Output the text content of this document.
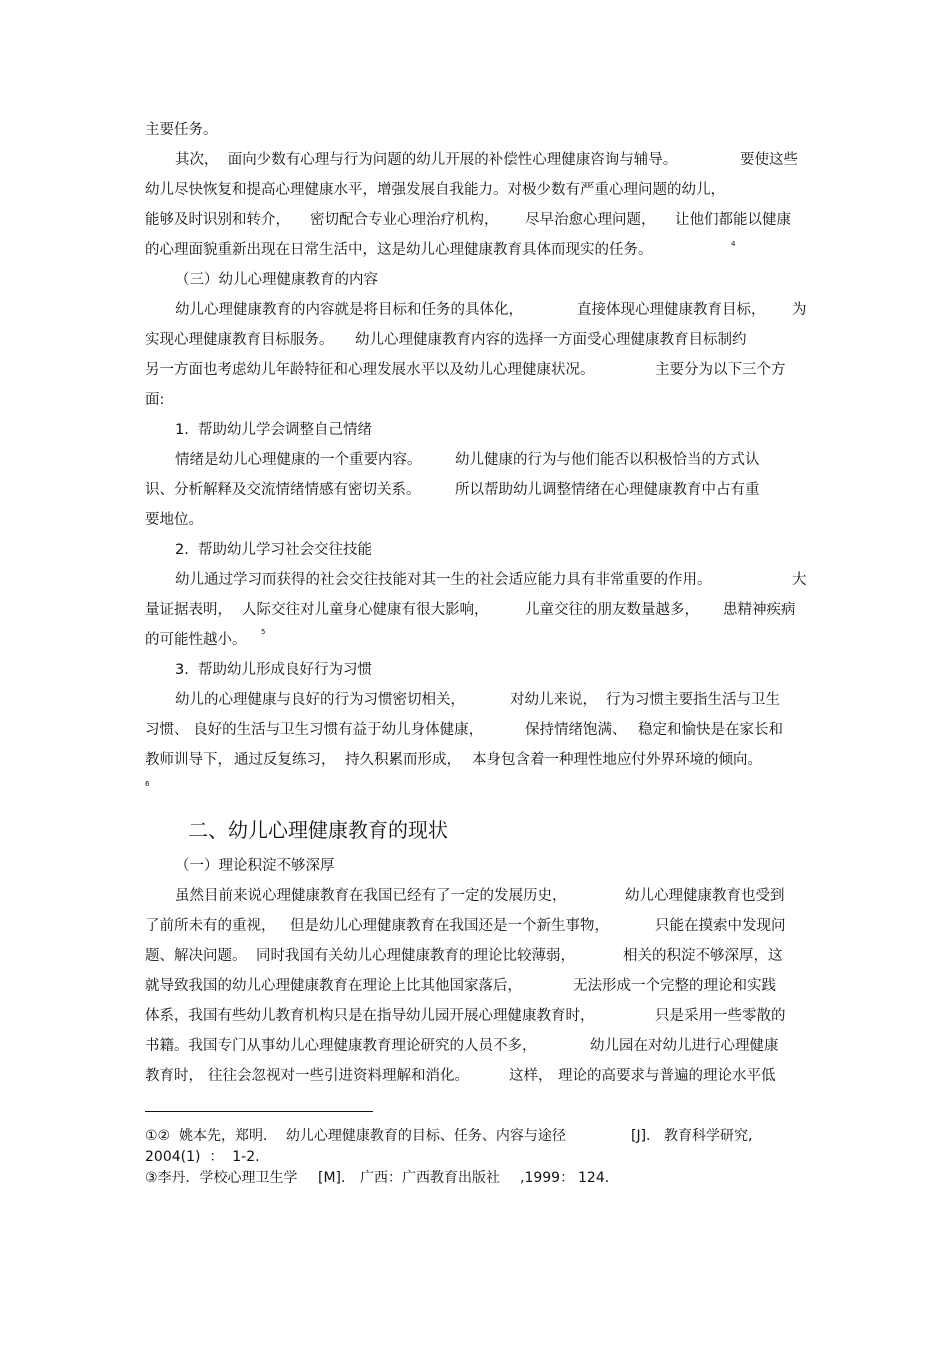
主要任务。
其次，  面向少数有心理与行为问题的幼儿开展的补偿性心理健康咨询与辅导。	要使这些
幼儿尽快恢复和提高心理健康水平，增强发展自我能力。对极少数有严重心理问题的幼儿，
能够及时识别和转介， 密切配合专业心理治疗机构， 尽早治愈心理问题， 让他们都能以健康
的心理面貌重新出现在日常生活中，这是幼儿心理健康教育具体而现实的任务。
（三）幼儿心理健康教育的内容
幼儿心理健康教育的内容就是将目标和任务的具体化，	直接体现心理健康教育目标， 为
实现心理健康教育目标服务。 幼儿心理健康教育内容的选择一方面受心理健康教育目标制约
另一方面也考虑幼儿年龄特征和心理发展水平以及幼儿心理健康状况。	主要分为以下三个方
面:
1.  帮助幼儿学会调整自己情绪
情绪是幼儿心理健康的一个重要内容。 幼儿健康的行为与他们能否以积极恰当的方式认
识、分析解释及交流情绪情感有密切关系。 所以帮助幼儿调整情绪在心理健康教育中占有重
要地位。
2.  帮助幼儿学习社会交往技能
幼儿通过学习而获得的社会交往技能对其一生的社会适应能力具有非常重要的作用。	大
量证据表明， 人际交往对儿童身心健康有很大影响，	儿童交往的朋友数量越多， 患精神疾病
的可能性越小。
3.  帮助幼儿形成良好行为习惯
幼儿的心理健康与良好的行为习惯密切相关，	对幼儿来说， 行为习惯主要指生活与卫生
习惯、 良好的生活与卫生习惯有益于幼儿身体健康，	保持情绪饱满、 稳定和愉快是在家长和
教师训导下， 通过反复练习， 持久积累而形成， 本身包含着一种理性地应付外界环境的倾向。
（一）理论积淀不够深厚
虽然目前来说心理健康教育在我国已经有了一定的发展历史，	幼儿心理健康教育也受到
了前所未有的重视， 但是幼儿心理健康教育在我国还是一个新生事物，	只能在摸索中发现问
题、解决问题。 同时我国有关幼儿心理健康教育的理论比较薄弱，	相关的积淀不够深厚，这
就导致我国的幼儿心理健康教育在理论上比其他国家落后，	无法形成一个完整的理论和实践
体系，我国有些幼儿教育机构只是在指导幼儿园开展心理健康教育时，	只是采用一些零散的
书籍。我国专门从事幼儿心理健康教育理论研究的人员不多，	幼儿园在对幼儿进行心理健康
教育时， 往往会忽视对一些引进资料理解和消化。	这样， 理论的高要求与普遍的理论水平低
4
5
6
二、幼儿心理健康教育的现状
①②  姚本先，郑明．  幼儿心理健康教育的目标、任务、内容与途径	[J]. 教育科学研究,
2004(1)  ：  1-2.
③李丹．学校心理卫生学 [M]. 广西：广西教育出版社 ,1999： 124.
